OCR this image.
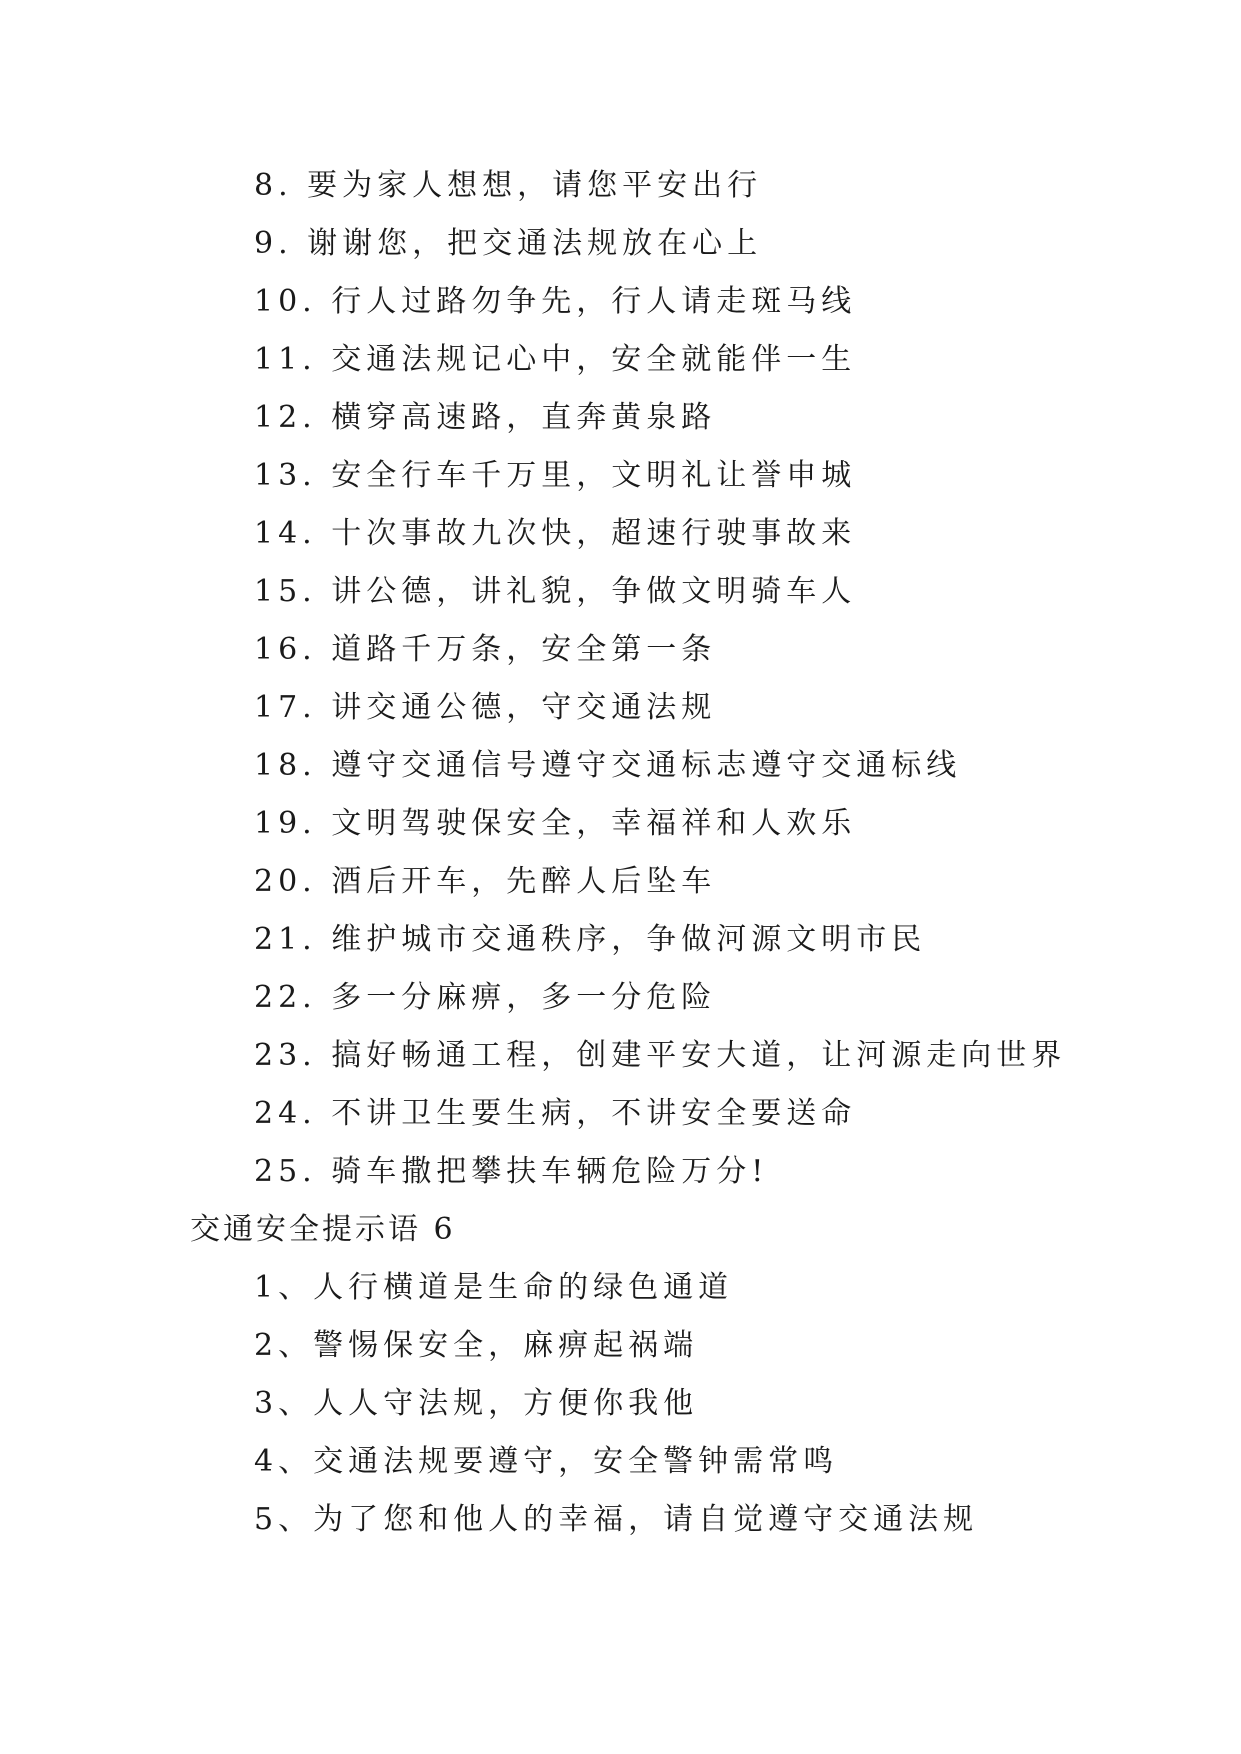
8. 要为家人想想，请您平安出行

9. 谢谢您，把交通法规放在心上

10. 行人过路勿争先，行人请走斑马线

11. 交通法规记心中，安全就能伴一生

12. 横穿高速路，直奔黄泉路

13. 安全行车千万里，文明礼让誉申城

14. 十次事故九次快，超速行驶事故来

15. 讲公德，讲礼貌，争做文明骑车人

16. 道路千万条，安全第一条

17. 讲交通公德，守交通法规

18. 遵守交通信号遵守交通标志遵守交通标线

19. 文明驾驶保安全，幸福祥和人欢乐

20. 酒后开车，先醉人后坠车

21. 维护城市交通秩序，争做河源文明市民

22. 多一分麻痹，多一分危险

23. 搞好畅通工程，创建平安大道，让河源走向世界

24. 不讲卫生要生病，不讲安全要送命

25. 骑车撒把攀扶车辆危险万分!

交通安全提示语 6

1、人行横道是生命的绿色通道

2、警惕保安全，麻痹起祸端

3、人人守法规，方便你我他

4、交通法规要遵守，安全警钟需常鸣

5、为了您和他人的幸福，请自觉遵守交通法规
